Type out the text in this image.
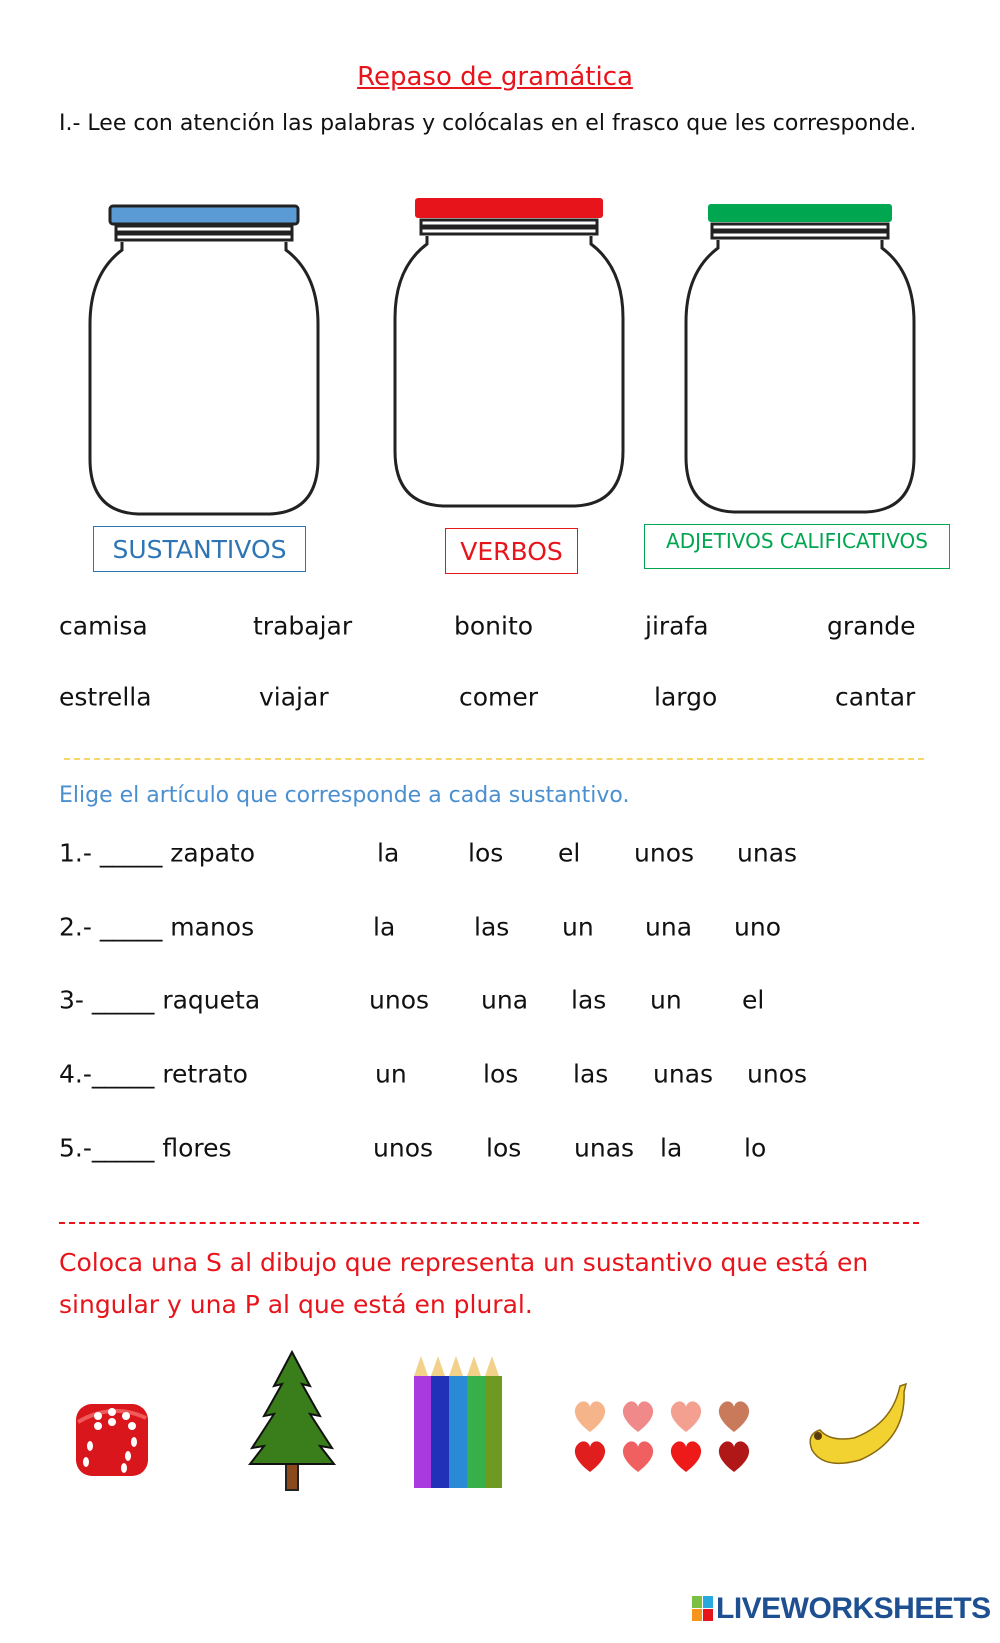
Repaso de gramática
I.- Lee con atención las palabras y colócalas en el frasco que les corresponde.
SUSTANTIVOS	VERBOS	ADJETIVOS CALIFICATIVOS
camisa	trabajar	bonito	jirafa	grande
estrella	viajar	comer	largo	cantar
Elige el artículo que corresponde a cada sustantivo.
1.- _____ zapato	la	los el unos unas
2.- _____ manos	la	las un una uno
3- _____ raqueta	unos una las un el
4.-_____ retrato	un	los las unas unos
5.-_____ flores	unos los unas la lo
Coloca una S al dibujo que representa un sustantivo que está en
singular y una P al que está en plural.
LIVEWORKSHEETS
